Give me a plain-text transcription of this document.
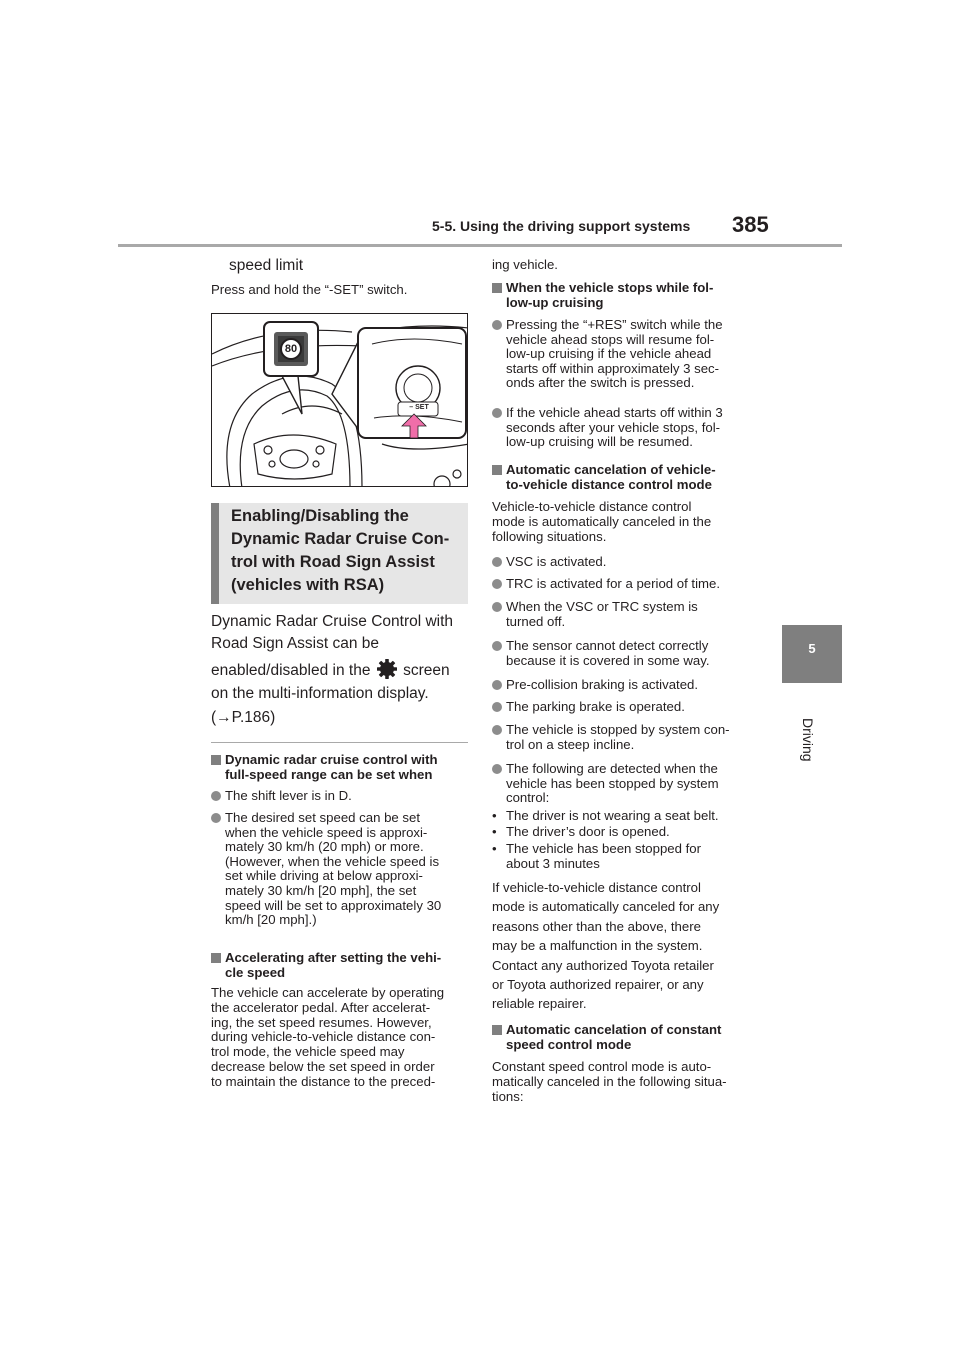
5-5. Using the driving support systems 385
5
Driving
speed limit
Press and hold the “-SET” switch.
80
– SET
Enabling/Disabling the
Dynamic Radar Cruise Con-
trol with Road Sign Assist
(vehicles with RSA)
Dynamic Radar Cruise Control with
Road Sign Assist can be
enabled/disabled in the screen
on the multi-information display.
(→P.186)
Dynamic radar cruise control with
full-speed range can be set when
The shift lever is in D.
The desired set speed can be set
when the vehicle speed is approxi-
mately 30 km/h (20 mph) or more.
(However, when the vehicle speed is
set while driving at below approxi-
mately 30 km/h [20 mph], the set
speed will be set to approximately 30
km/h [20 mph].)
Accelerating after setting the vehi-
cle speed
The vehicle can accelerate by operating
the accelerator pedal. After accelerat-
ing, the set speed resumes. However,
during vehicle-to-vehicle distance con-
trol mode, the vehicle speed may
decrease below the set speed in order
to maintain the distance to the preced-
ing vehicle.
When the vehicle stops while fol-
low-up cruising
Pressing the “+RES” switch while the
vehicle ahead stops will resume fol-
low-up cruising if the vehicle ahead
starts off within approximately 3 sec-
onds after the switch is pressed.
If the vehicle ahead starts off within 3
seconds after your vehicle stops, fol-
low-up cruising will be resumed.
Automatic cancelation of vehicle-
to-vehicle distance control mode
Vehicle-to-vehicle distance control
mode is automatically canceled in the
following situations.
VSC is activated.
TRC is activated for a period of time.
When the VSC or TRC system is
turned off.
The sensor cannot detect correctly
because it is covered in some way.
Pre-collision braking is activated.
The parking brake is operated.
The vehicle is stopped by system con-
trol on a steep incline.
The following are detected when the
vehicle has been stopped by system
control:
• The driver is not wearing a seat belt.
• The driver’s door is opened.
• The vehicle has been stopped for
about 3 minutes
If vehicle-to-vehicle distance control
mode is automatically canceled for any
reasons other than the above, there
may be a malfunction in the system.
Contact any authorized Toyota retailer
or Toyota authorized repairer, or any
reliable repairer.
Automatic cancelation of constant
speed control mode
Constant speed control mode is auto-
matically canceled in the following situa-
tions:
